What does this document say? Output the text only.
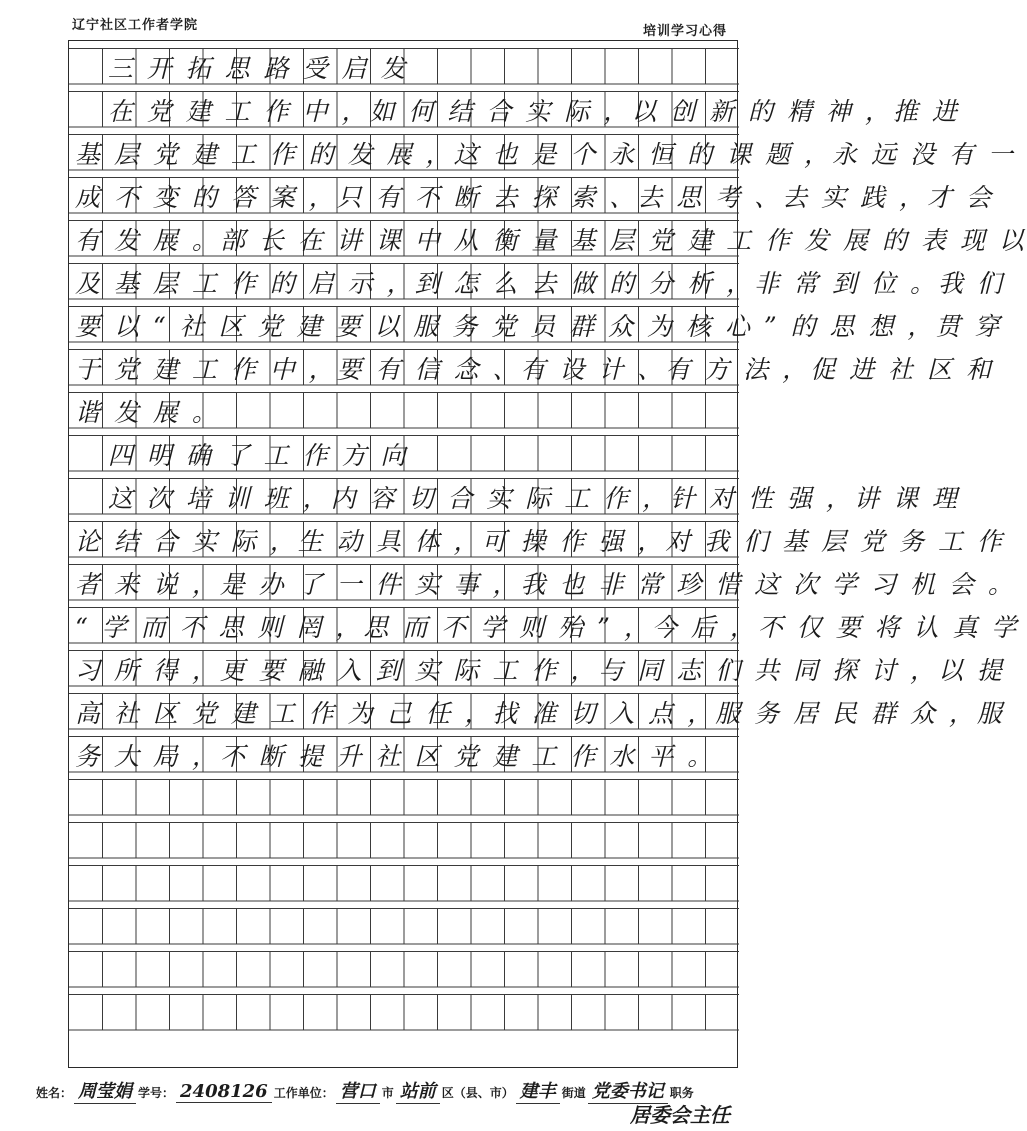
辽宁社区工作者学院	培训学习心得
三 开 拓 思 路 受 启 发
在 党 建 工 作 中 ，如 何 结 合 实 际 ，以 创 新 的 精 神 ，推 进
基 层 党 建 工 作 的 发 展 ，这 也 是 个 永 恒 的 课 题 ，永 远 没 有 一
成 不 变 的 答 案 ，只 有 不 断 去 探 索 、去 思 考 、去 实 践 ，才 会
有 发 展 。部 长 在 讲 课 中 从 衡 量 基 层 党 建 工 作 发 展 的 表 现 以
及 基 层 工 作 的 启 示 ，到 怎 么 去 做 的 分 析 ，非 常 到 位 。我 们
要 以 “ 社 区 党 建 要 以 服 务 党 员 群 众 为 核 心 ” 的 思 想 ，贯 穿
于 党 建 工 作 中 ，要 有 信 念 、有 设 计 、有 方 法 ，促 进 社 区 和
谐 发 展 。
四 明 确 了 工 作 方 向
这 次 培 训 班 ，内 容 切 合 实 际 工 作 ，针 对 性 强 ，讲 课 理
论 结 合 实 际 ，生 动 具 体 ，可 操 作 强 ，对 我 们 基 层 党 务 工 作
者 来 说 ，是 办 了 一 件 实 事 ，我 也 非 常 珍 惜 这 次 学 习 机 会 。
“ 学 而 不 思 则 罔 ，思 而 不 学 则 殆 ” ，今 后 ，不 仅 要 将 认 真 学
习 所 得 ，更 要 融 入 到 实 际 工 作 ，与 同 志 们 共 同 探 讨 ，以 提
高 社 区 党 建 工 作 为 己 任 ，找 准 切 入 点 ，服 务 居 民 群 众 ，服
务 大 局 ，不 断 提 升 社 区 党 建 工 作 水 平 。
姓名： 周莹娟 学号： 2408126 工作单位： 营口 市 站前 区（县、市） 建丰 街道 党委书记 职务
居委会主任
